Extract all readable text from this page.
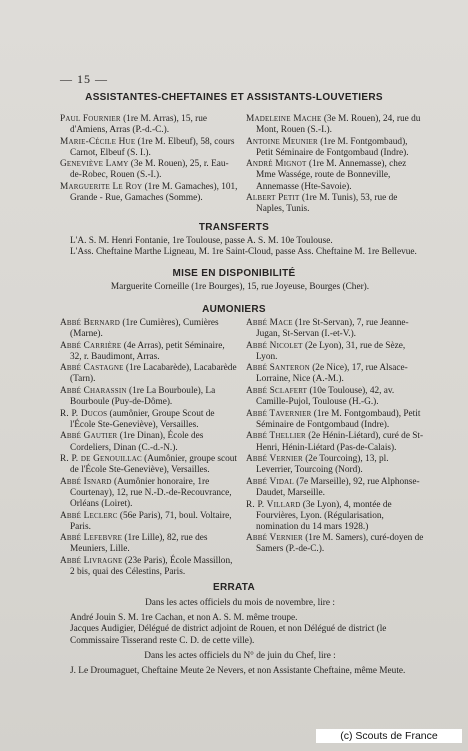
— 15 —
ASSISTANTES-CHEFTAINES ET ASSISTANTS-LOUVETIERS

Paul Fournier (1re M. Arras), 15, rue d'Amiens, Arras (P.-d.-C.).

Marie-Cécile Hue (1re M. Elbeuf), 58, cours Carnot, Elbeuf (S. I.).

Geneviève Lamy (3e M. Rouen), 25, r. Eau-de-Robec, Rouen (S.-I.).

Marguerite Le Roy (1re M. Gamaches), 101, Grande - Rue, Gamaches (Somme).

Madeleine Mache (3e M. Rouen), 24, rue du Mont, Rouen (S.-I.).

Antoine Meunier (1re M. Fontgombaud), Petit Séminaire de Fontgombaud (Indre).

André Mignot (1re M. Annemasse), chez Mme Wassége, route de Bonneville, Annemasse (Hte-Savoie).

Albert Petit (1re M. Tunis), 53, rue de Naples, Tunis.

TRANSFERTS

L'A. S. M. Henri Fontanie, 1re Toulouse, passe A. S. M. 10e Toulouse.

L'Ass. Cheftaine Marthe Ligneau, M. 1re Saint-Cloud, passe Ass. Cheftaine M. 1re Bellevue.

MISE EN DISPONIBILITÉ

Marguerite Corneille (1re Bourges), 15, rue Joyeuse, Bourges (Cher).

AUMONIERS

Abbé Bernard (1re Cumières), Cumières (Marne).

Abbé Carrière (4e Arras), petit Séminaire, 32, r. Baudimont, Arras.

Abbé Castagne (1re Lacabarède), Lacabarède (Tarn).

Abbé Charassin (1re La Bourboule), La Bourboule (Puy-de-Dôme).

R. P. Ducos (aumônier, Groupe Scout de l'École Ste-Geneviève), Versailles.

Abbé Gautier (1re Dinan), École des Cordeliers, Dinan (C.-d.-N.).

R. P. de Genouillac (Aumônier, groupe scout de l'École Ste-Geneviève), Versailles.

Abbé Isnard (Aumônier honoraire, 1re Courtenay), 12, rue N.-D.-de-Recouvrance, Orléans (Loiret).

Abbé Leclerc (56e Paris), 71, boul. Voltaire, Paris.

Abbé Lefebvre (1re Lille), 82, rue des Meuniers, Lille.

Abbé Livragne (23e Paris), École Massillon, 2 bis, quai des Célestins, Paris.

Abbé Mace (1re St-Servan), 7, rue Jeanne-Jugan, St-Servan (I.-et-V.).

Abbé Nicolet (2e Lyon), 31, rue de Sèze, Lyon.

Abbé Santeron (2e Nice), 17, rue Alsace-Lorraine, Nice (A.-M.).

Abbé Sclafert (10e Toulouse), 42, av. Camille-Pujol, Toulouse (H.-G.).

Abbé Tavernier (1re M. Fontgombaud), Petit Séminaire de Fontgombaud (Indre).

Abbé Thellier (2e Hénin-Liétard), curé de St-Henri, Hénin-Liétard (Pas-de-Calais).

Abbé Vernier (2e Tourcoing), 13, pl. Leverrier, Tourcoing (Nord).

Abbé Vidal (7e Marseille), 92, rue Alphonse-Daudet, Marseille.

R. P. Villard (3e Lyon), 4, montée de Fourvières, Lyon. (Régularisation, nomination du 14 mars 1928.)

Abbé Vernier (1re M. Samers), curé-doyen de Samers (P.-de-C.).

ERRATA

Dans les actes officiels du mois de novembre, lire :

André Jouin S. M. 1re Cachan, et non A. S. M. même troupe.

Jacques Audigier, Délégué de district adjoint de Rouen, et non Délégué de district (le Commissaire Tisserand reste C. D. de cette ville).

Dans les actes officiels du N° de juin du Chef, lire :

J. Le Droumaguet, Cheftaine Meute 2e Nevers, et non Assistante Cheftaine, même Meute.

(c) Scouts de France
